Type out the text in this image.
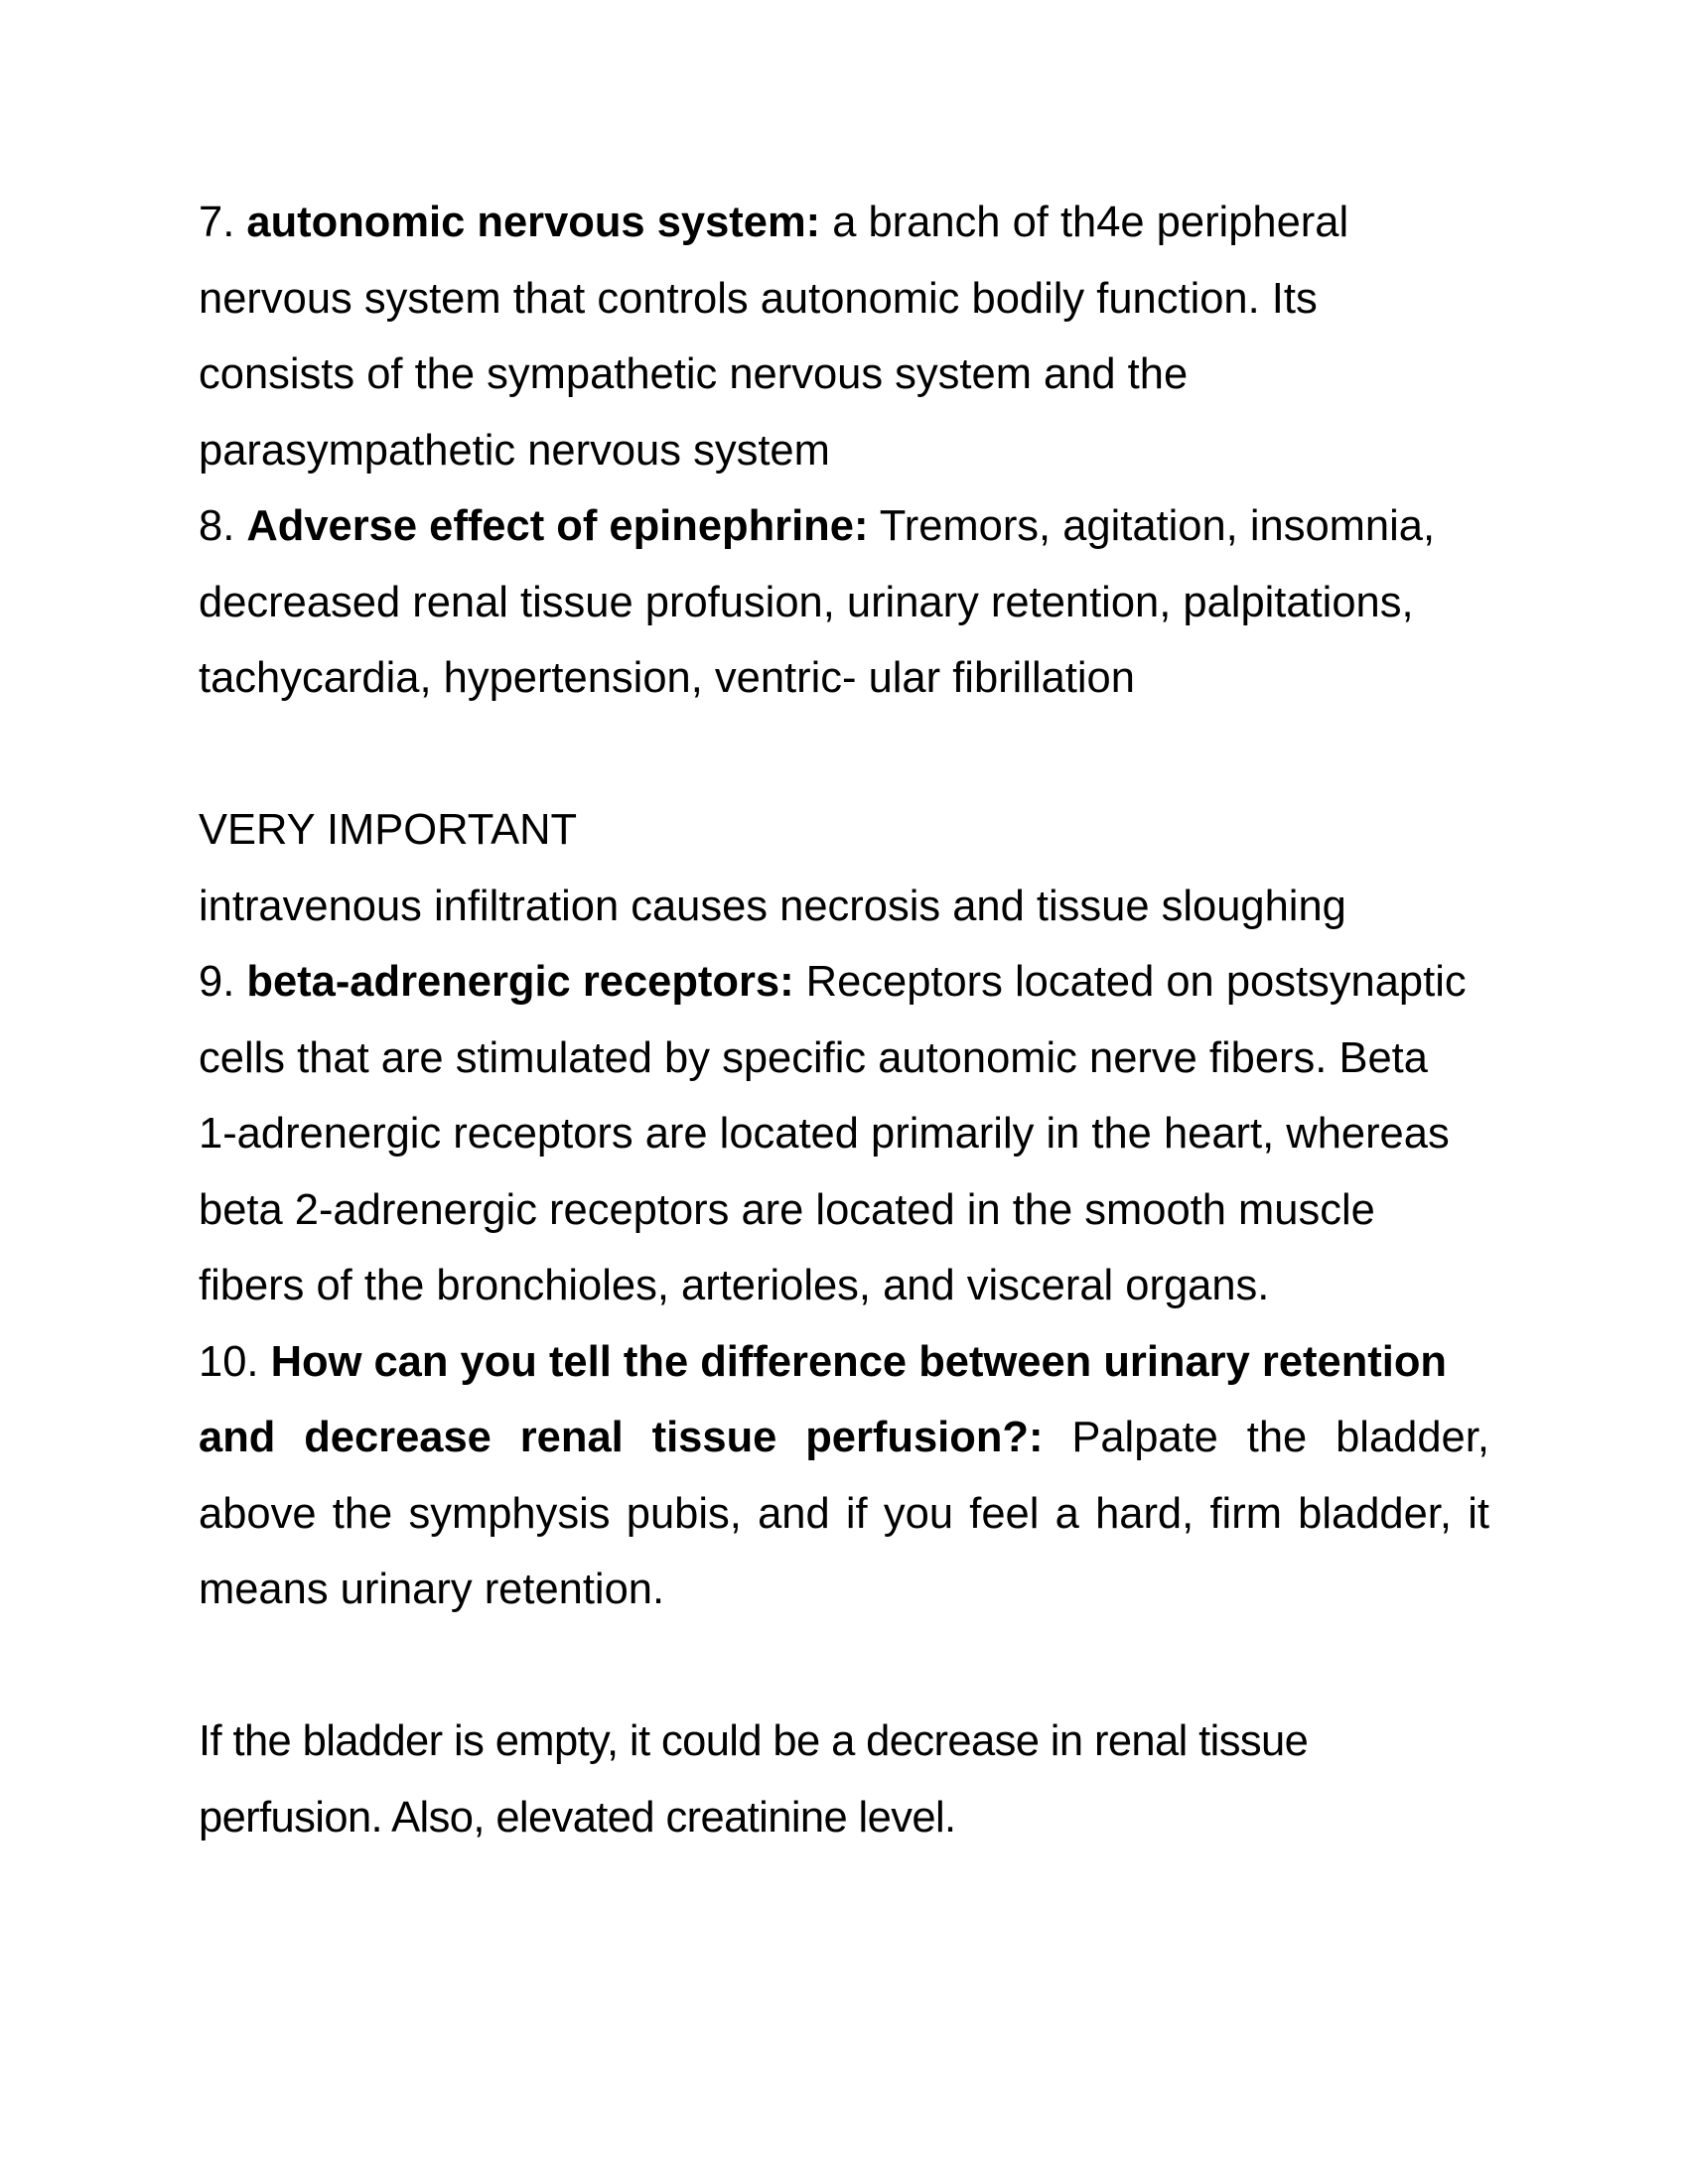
7. autonomic nervous system: a branch of th4e peripheral
nervous system that controls autonomic bodily function. Its
consists of the sympathetic nervous system and the
parasympathetic nervous system
8. Adverse effect of epinephrine: Tremors, agitation, insomnia,
decreased renal tissue profusion, urinary retention, palpitations,
tachycardia, hypertension, ventric- ular fibrillation
VERY IMPORTANT
intravenous infiltration causes necrosis and tissue sloughing
9. beta-adrenergic receptors: Receptors located on postsynaptic
cells that are stimulated by specific autonomic nerve fibers. Beta
1-adrenergic receptors are located primarily in the heart, whereas
beta 2-adrenergic receptors are located in the smooth muscle
fibers of the bronchioles, arterioles, and visceral organs.
10. How can you tell the difference between urinary retention
and decrease renal tissue perfusion?: Palpate the bladder,
above the symphysis pubis, and if you feel a hard, firm bladder, it
means urinary retention.
If the bladder is empty, it could be a decrease in renal tissue
perfusion. Also, elevated creatinine level.
